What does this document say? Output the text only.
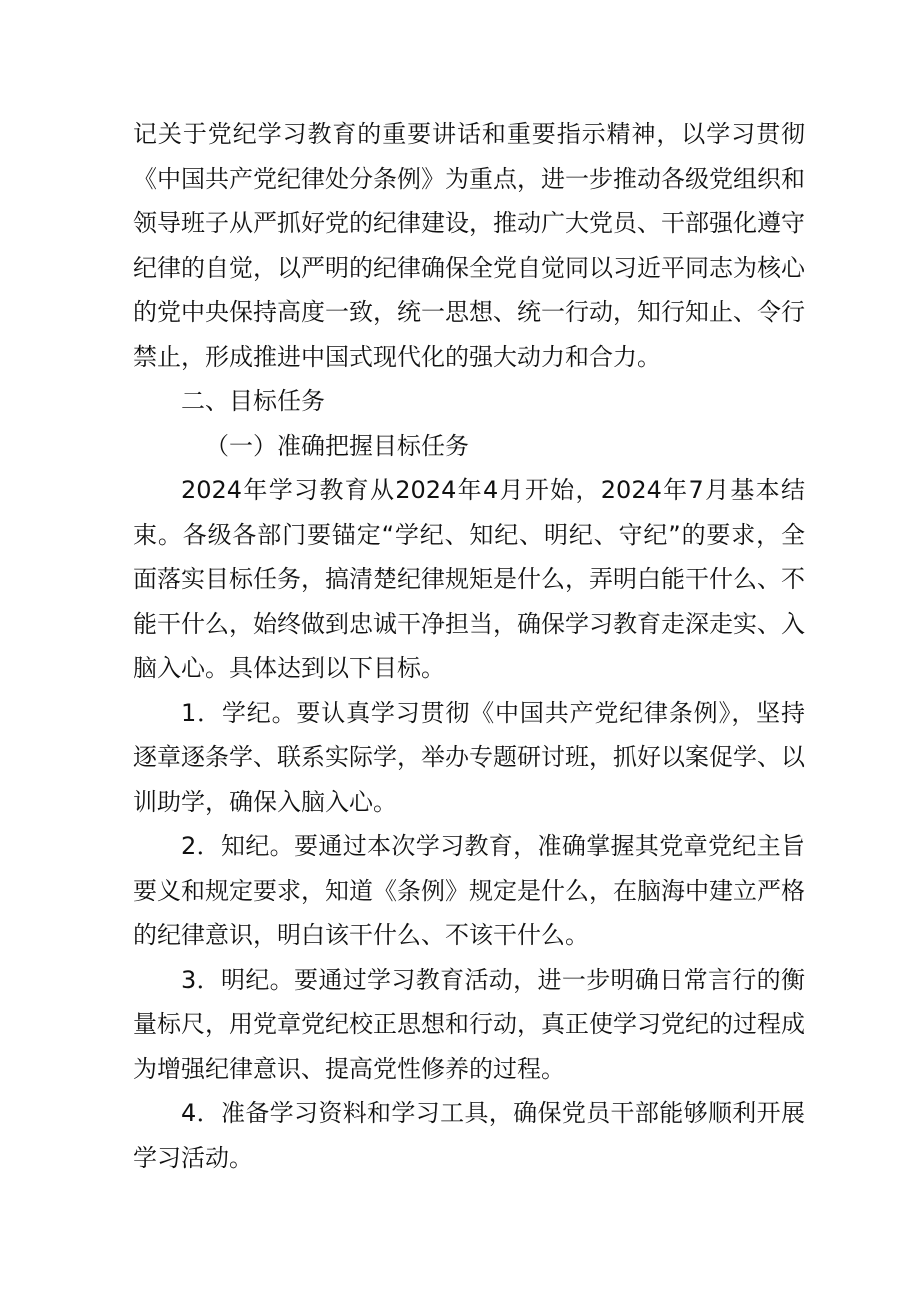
记关于党纪学习教育的重要讲话和重要指示精神，以学习贯彻《中国共产党纪律处分条例》为重点，进一步推动各级党组织和领导班子从严抓好党的纪律建设，推动广大党员、干部强化遵守纪律的自觉，以严明的纪律确保全党自觉同以习近平同志为核心的党中央保持高度一致，统一思想、统一行动，知行知止、令行禁止，形成推进中国式现代化的强大动力和合力。

二、目标任务

（一）准确把握目标任务

2024年学习教育从2024年4月开始，2024年7月基本结束。各级各部门要锚定“学纪、知纪、明纪、守纪”的要求，全面落实目标任务，搞清楚纪律规矩是什么，弄明白能干什么、不能干什么，始终做到忠诚干净担当，确保学习教育走深走实、入脑入心。具体达到以下目标。

1．学纪。要认真学习贯彻《中国共产党纪律条例》，坚持逐章逐条学、联系实际学，举办专题研讨班，抓好以案促学、以训助学，确保入脑入心。

2．知纪。要通过本次学习教育，准确掌握其党章党纪主旨要义和规定要求，知道《条例》规定是什么，在脑海中建立严格的纪律意识，明白该干什么、不该干什么。

3．明纪。要通过学习教育活动，进一步明确日常言行的衡量标尺，用党章党纪校正思想和行动，真正使学习党纪的过程成为增强纪律意识、提高党性修养的过程。

4．准备学习资料和学习工具，确保党员干部能够顺利开展学习活动。
